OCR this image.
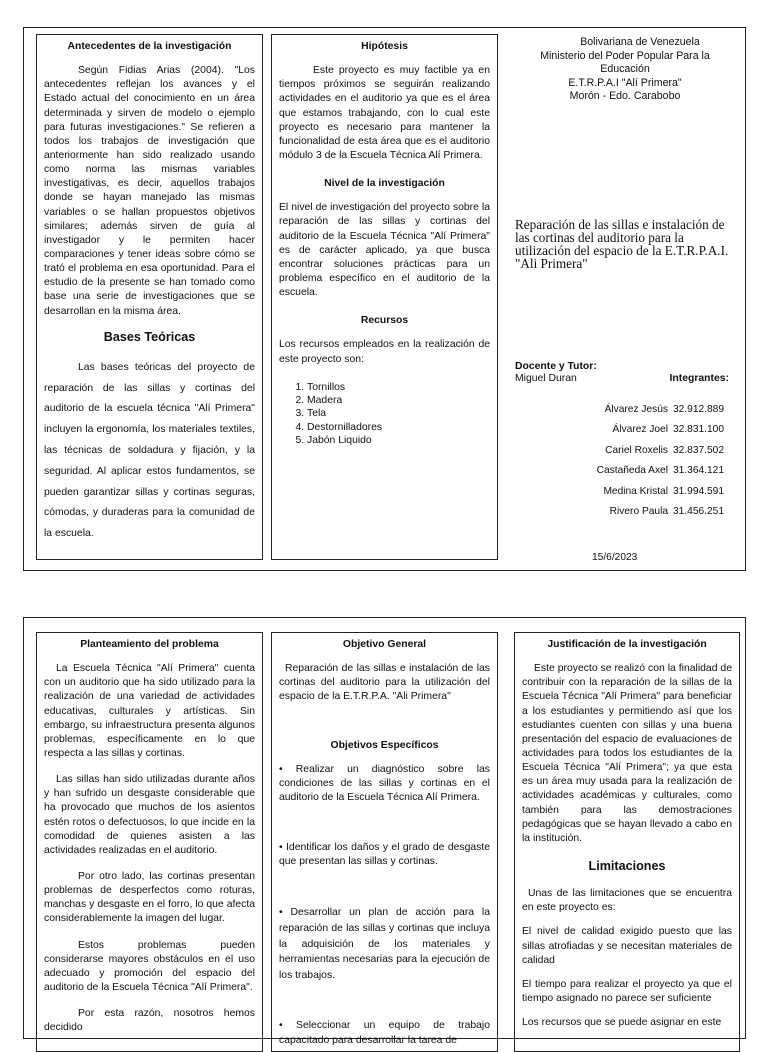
Antecedentes de la investigación

Según Fidias Arias (2004). "Los antecedentes reflejan los avances y el Estado actual del conocimiento en un área determinada y sirven de modelo o ejemplo para futuras investigaciones." Se refieren a todos los trabajos de investigación que anteriormente han sido realizado usando como norma las mismas variables investigativas, es decir, aquellos trabajos donde se hayan manejado las mismas variables o se hallan propuestos objetivos similares; además sirven de guía al investigador y le permiten hacer comparaciones y tener ideas sobre cómo se trató el problema en esa oportunidad. Para el estudio de la presente se han tomado como base una serie de investigaciones que se desarrollan en la misma área.

Bases Teóricas

Las bases teóricas del proyecto de reparación de las sillas y cortinas del auditorio de la escuela técnica "Alí Primera" incluyen la ergonomía, los materiales textiles, las técnicas de soldadura y fijación, y la seguridad. Al aplicar estos fundamentos, se pueden garantizar sillas y cortinas seguras, cómodas, y duraderas para la comunidad de la escuela.

Hipótesis

Este proyecto es muy factible ya en tiempos próximos se seguirán realizando actividades en el auditorio ya que es el área que estamos trabajando, con lo cual este proyecto es necesario para mantener la funcionalidad de esta área que es el auditorio módulo 3 de la Escuela Técnica Alí Primera.

Nivel de la investigación

El nivel de investigación del proyecto sobre la reparación de las sillas y cortinas del auditorio de la Escuela Técnica "Alí Primera" es de carácter aplicado, ya que busca encontrar soluciones prácticas para un problema específico en el auditorio de la escuela.

Recursos

Los recursos empleados en la realización de este proyecto son:

1. Tornillos
2. Madera
3. Tela
4. Destornilladores
5. Jabón Liquido
Bolivariana de Venezuela
Ministerio del Poder Popular Para la Educación
E.T.R.P.A.I "Alí Primera"
Morón - Edo. Carabobo
Reparación de las sillas e instalación de las cortinas del auditorio para la utilización del espacio de la E.T.R.P.A.I. "Ali Primera"
Docente y Tutor:
Miguel Duran	Integrantes:
Álvarez Jesús 32.912.889
Álvarez Joel 32.831.100
Cariel Roxelis 32.837.502
Castañeda Axel 31.364.121
Medina Kristal 31.994.591
Rivero Paula 31.456.251
15/6/2023
Planteamiento del problema

La Escuela Técnica "Alí Primera" cuenta con un auditorio que ha sido utilizado para la realización de una variedad de actividades educativas, culturales y artísticas. Sin embargo, su infraestructura presenta algunos problemas, específicamente en lo que respecta a las sillas y cortinas.

Las sillas han sido utilizadas durante años y han sufrido un desgaste considerable que ha provocado que muchos de los asientos estén rotos o defectuosos, lo que incide en la comodidad de quienes asisten a las actividades realizadas en el auditorio.

Por otro lado, las cortinas presentan problemas de desperfectos como roturas, manchas y desgaste en el forro, lo que afecta considerablemente la imagen del lugar.

Estos problemas pueden considerarse mayores obstáculos en el uso adecuado y promoción del espacio del auditorio de la Escuela Técnica "Alí Primera".

Por esta razón, nosotros hemos decidido

Objetivo General

Reparación de las sillas e instalación de las cortinas del auditorio para la utilización del espacio de la E.T.R.P.A. "Ali Primera"

Objetivos Específicos

• Realizar un diagnóstico sobre las condiciones de las sillas y cortinas en el auditorio de la Escuela Técnica Alí Primera.

• Identificar los daños y el grado de desgaste que presentan las sillas y cortinas.

• Desarrollar un plan de acción para la reparación de las sillas y cortinas que incluya la adquisición de los materiales y herramientas necesarias para la ejecución de los trabajos.

• Seleccionar un equipo de trabajo capacitado para desarrollar la tarea de

Justificación de la investigación

Este proyecto se realizó con la finalidad de contribuir con la reparación de la sillas de la Escuela Técnica "Alí Primera" para beneficiar a los estudiantes y permitiendo así que los estudiantes cuenten con sillas y una buena presentación del espacio de evaluaciones de actividades para todos los estudiantes de la Escuela Técnica "Alí Primera"; ya que esta es un área muy usada para la realización de actividades académicas y culturales, como también para las demostraciones pedagógicas que se hayan llevado a cabo en la institución.

Limitaciones

Unas de las limitaciones que se encuentra en este proyecto es:

El nivel de calidad exigido puesto que las sillas atrofiadas y se necesitan materiales de calidad

El tiempo para realizar el proyecto ya que el tiempo asignado no parece ser suficiente

Los recursos que se puede asignar en este
